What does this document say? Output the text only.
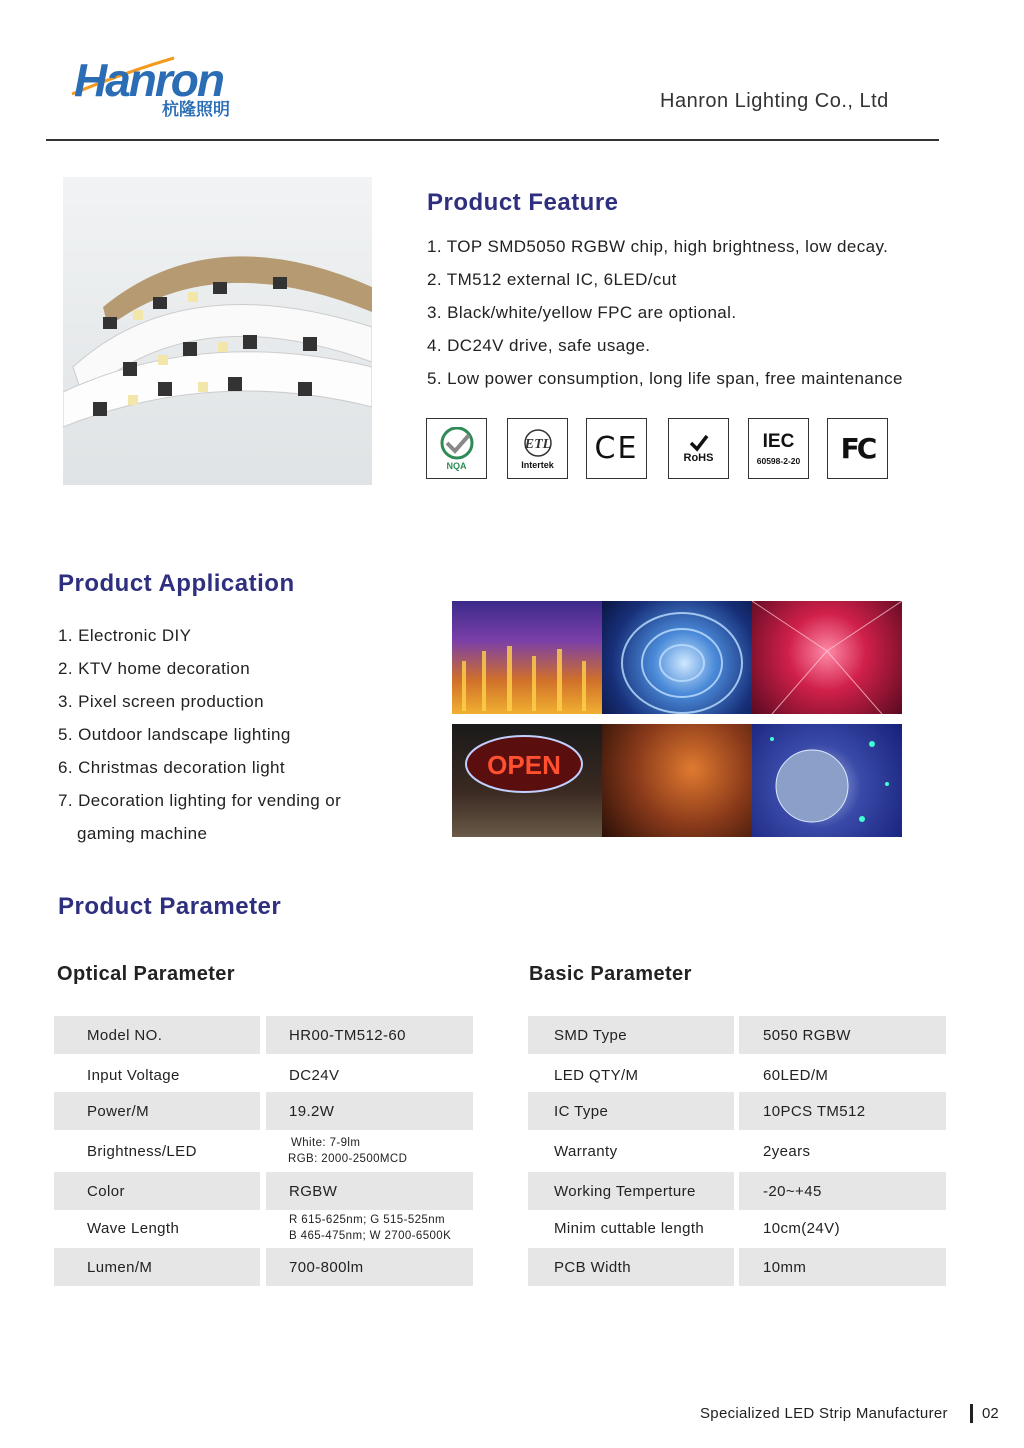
Hanron
杭隆照明	Hanron Lighting Co., Ltd
Product Feature
1. TOP SMD5050 RGBW chip, high brightness, low decay.
2. TM512 external IC, 6LED/cut
3. Black/white/yellow FPC are optional.
4. DC24V drive, safe usage.
5. Low power consumption, long life span, free maintenance
NQA
ETL
Intertek CE	RoHS
IEC
60598-2-20 FC
Product Application
1. Electronic DIY
2. KTV home decoration
3. Pixel screen production
5. Outdoor landscape lighting
6. Christmas decoration light
7. Decoration lighting for vending or
gaming machine
OPEN
Product Parameter
Optical Parameter	Basic Parameter
Model NO.	HR00-TM512-60
Input Voltage	DC24V
Power/M	19.2W
Brightness/LED	White: 7-9lm
RGB: 2000-2500MCD
Color	RGBW
Wave Length	R 615-625nm; G 515-525nm
B 465-475nm; W 2700-6500K
Lumen/M	700-800lm
SMD Type	5050 RGBW
LED QTY/M	60LED/M
IC Type	10PCS TM512
Warranty	2years
Working Temperture	-20~+45
Minim cuttable length	10cm(24V)
PCB Width	10mm
Specialized LED Strip Manufacturer 02
